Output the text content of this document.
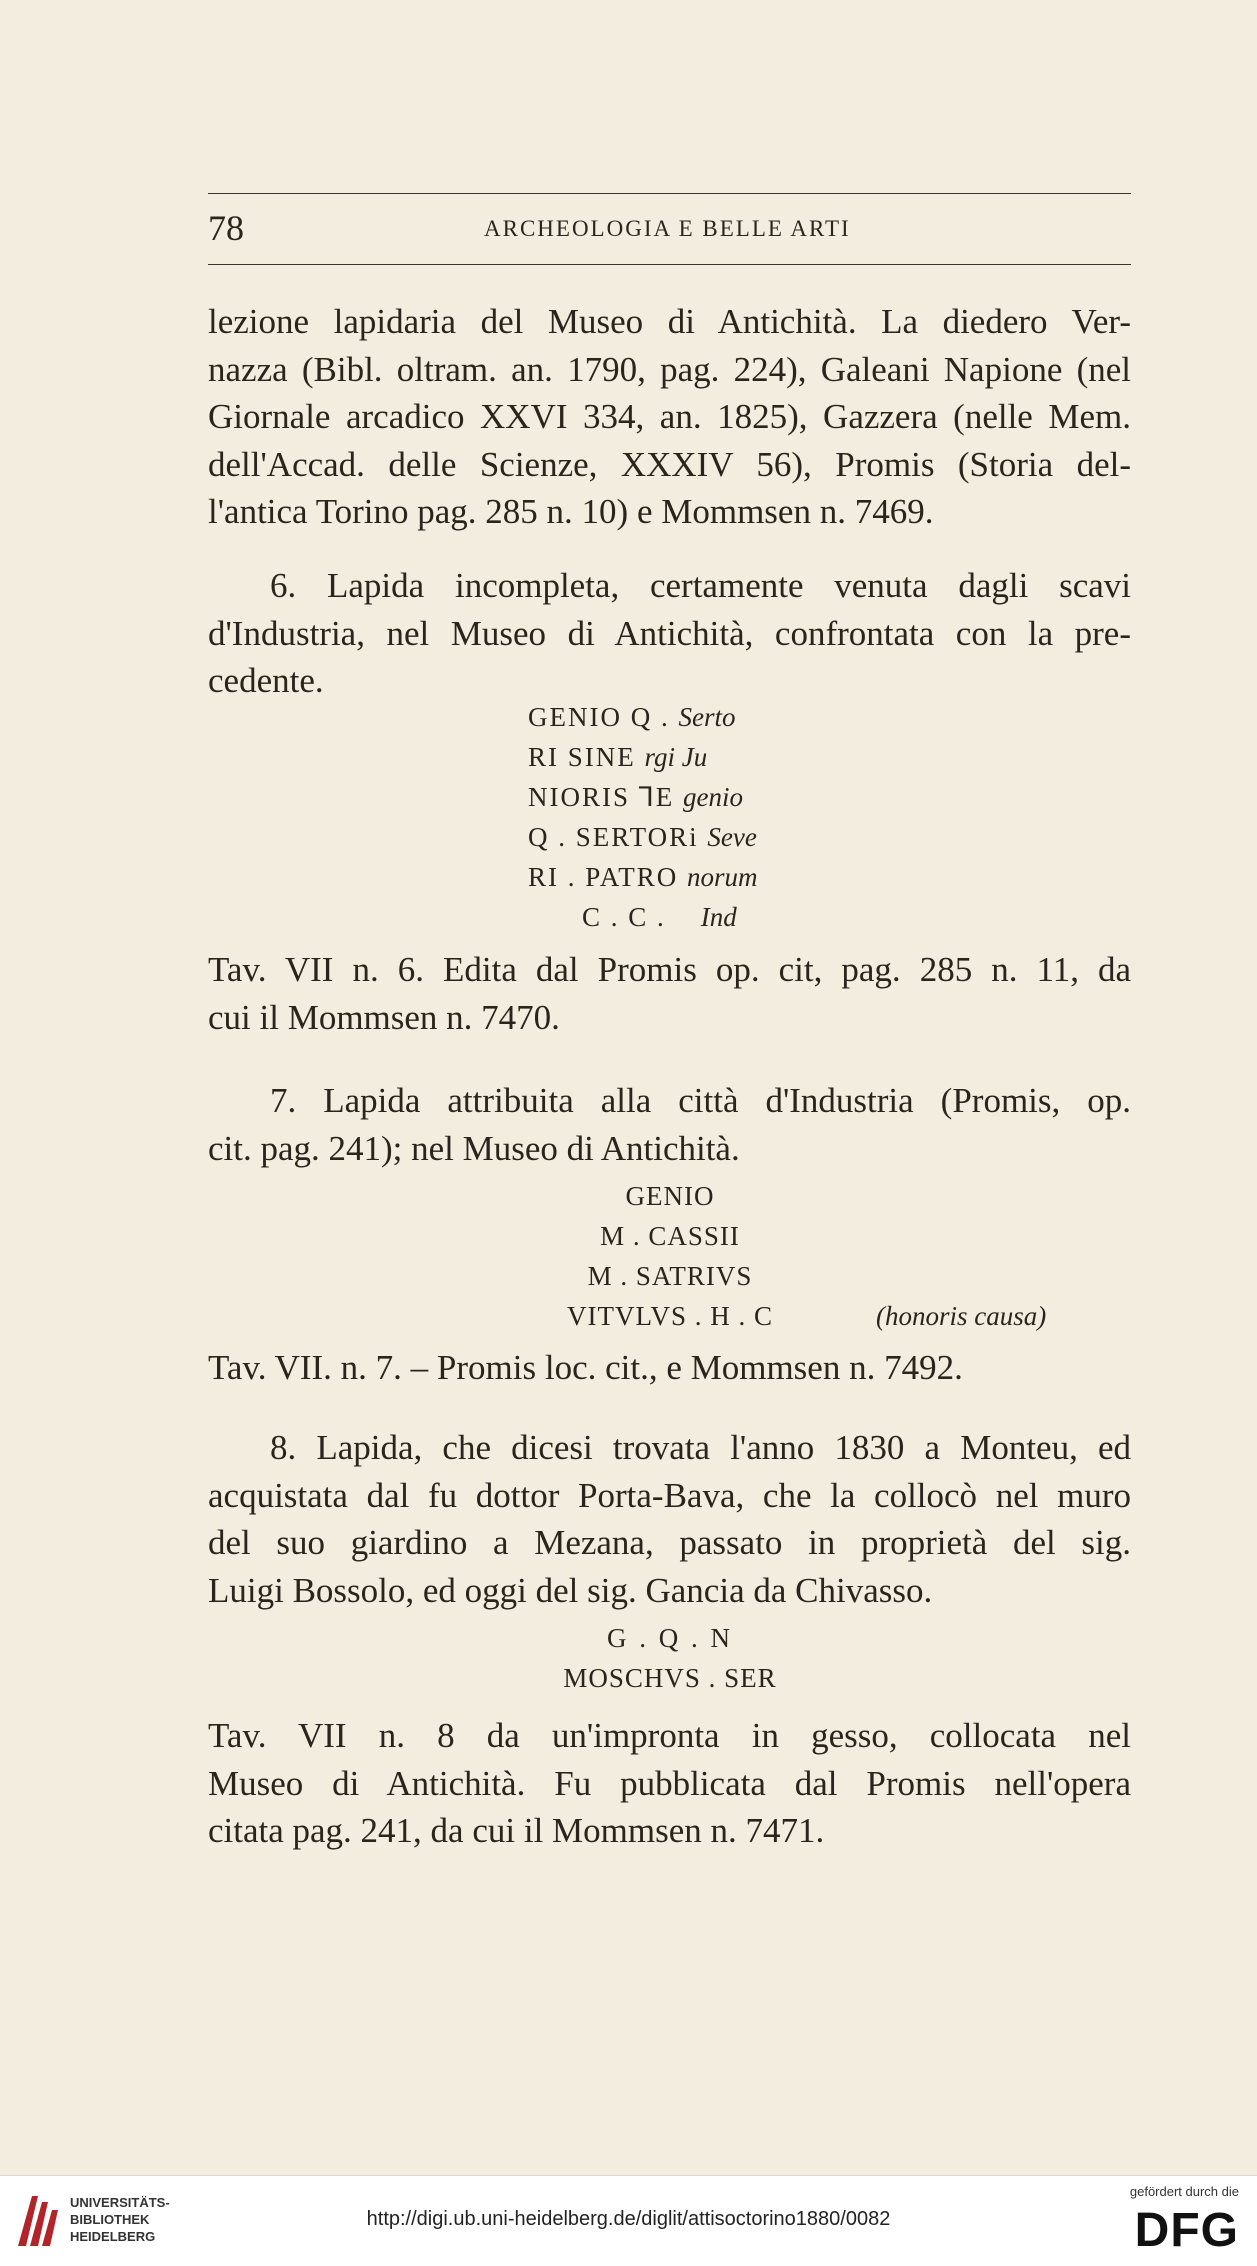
78	ARCHEOLOGIA E BELLE ARTI
lezione lapidaria del Museo di Antichità. La diedero Ver-
nazza (Bibl. oltram. an. 1790, pag. 224), Galeani Napione (nel
Giornale arcadico XXVI 334, an. 1825), Gazzera (nelle Mem.
dell'Accad. delle Scienze, XXXIV 56), Promis (Storia del-
l'antica Torino pag. 285 n. 10) e Mommsen n. 7469.
6. Lapida incompleta, certamente venuta dagli scavi
d'Industria, nel Museo di Antichità, confrontata con la pre-
cedente.
GENIO Q . Serto
RI SINE rgi Ju
NIORIS ⅂E genio
Q . SERTORi Seve
RI . PATRO norum
C . C . Ind
Tav. VII n. 6. Edita dal Promis op. cit, pag. 285 n. 11, da
cui il Mommsen n. 7470.
7. Lapida attribuita alla città d'Industria (Promis, op.
cit. pag. 241); nel Museo di Antichità.
GENIO
M . CASSII
M . SATRIVS
VITVLVS . H . C	(honoris causa)
Tav. VII. n. 7. – Promis loc. cit., e Mommsen n. 7492.
8. Lapida, che dicesi trovata l'anno 1830 a Monteu, ed
acquistata dal fu dottor Porta-Bava, che la collocò nel muro
del suo giardino a Mezana, passato in proprietà del sig.
Luigi Bossolo, ed oggi del sig. Gancia da Chivasso.
G . Q . N
MOSCHVS . SER
Tav. VII n. 8 da un'impronta in gesso, collocata nel
Museo di Antichità. Fu pubblicata dal Promis nell'opera
citata pag. 241, da cui il Mommsen n. 7471.
UNIVERSITÄTS-
BIBLIOTHEK
HEIDELBERG
http://digi.ub.uni-heidelberg.de/diglit/attisoctorino1880/0082
gefördert durch die
DFG
